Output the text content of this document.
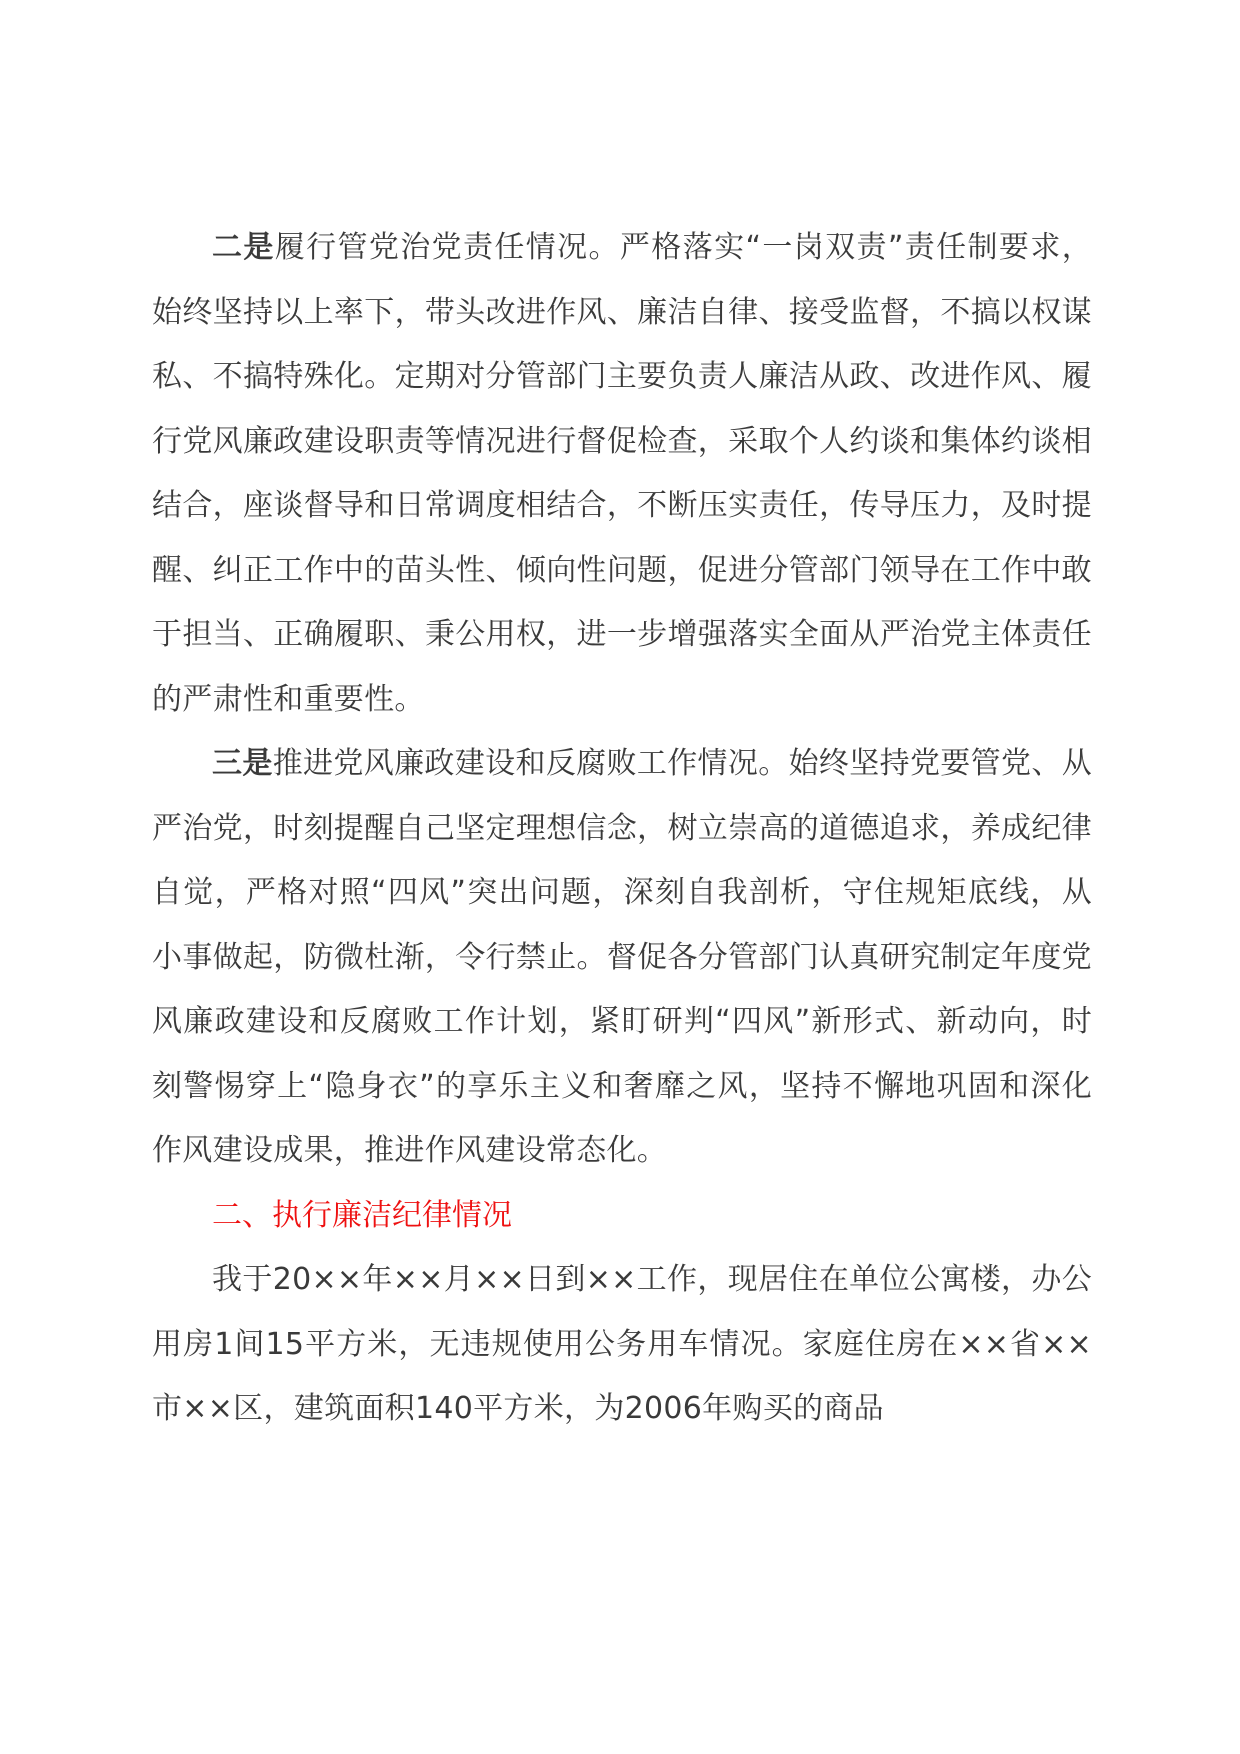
二是履行管党治党责任情况。严格落实“一岗双责”责任制要求，始终坚持以上率下，带头改进作风、廉洁自律、接受监督，不搞以权谋私、不搞特殊化。定期对分管部门主要负责人廉洁从政、改进作风、履行党风廉政建设职责等情况进行督促检查，采取个人约谈和集体约谈相结合，座谈督导和日常调度相结合，不断压实责任，传导压力，及时提醒、纠正工作中的苗头性、倾向性问题，促进分管部门领导在工作中敢于担当、正确履职、秉公用权，进一步增强落实全面从严治党主体责任的严肃性和重要性。

三是推进党风廉政建设和反腐败工作情况。始终坚持党要管党、从严治党，时刻提醒自己坚定理想信念，树立崇高的道德追求，养成纪律自觉，严格对照“四风”突出问题，深刻自我剖析，守住规矩底线，从小事做起，防微杜渐，令行禁止。督促各分管部门认真研究制定年度党风廉政建设和反腐败工作计划，紧盯研判“四风”新形式、新动向，时刻警惕穿上“隐身衣”的享乐主义和奢靡之风，坚持不懈地巩固和深化作风建设成果，推进作风建设常态化。

二、执行廉洁纪律情况

我于20××年××月××日到××工作，现居住在单位公寓楼，办公用房1间15平方米，无违规使用公务用车情况。家庭住房在××省××市××区，建筑面积140平方米，为2006年购买的商品
